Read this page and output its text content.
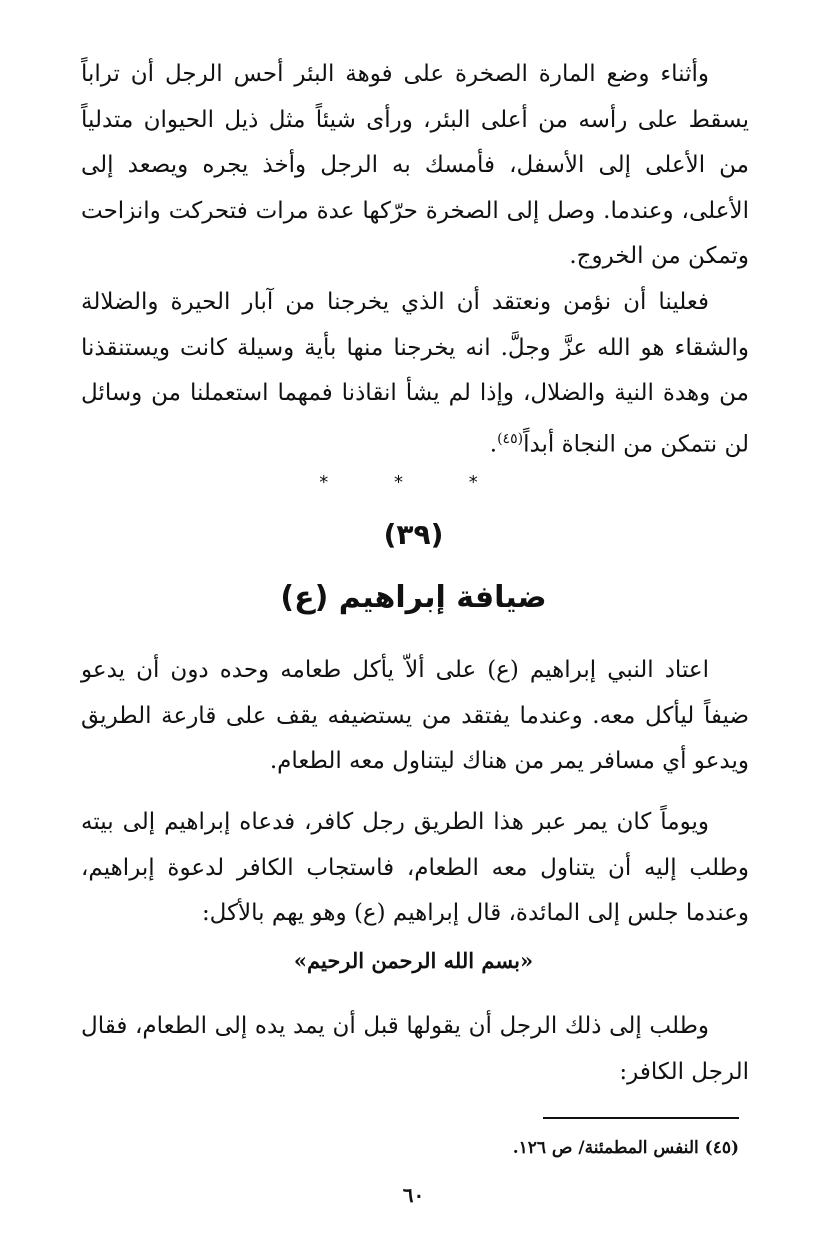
وأثناء وضع المارة الصخرة على فوهة البئر أحس الرجل أن تراباً يسقط على رأسه من أعلى البئر، ورأى شيئاً مثل ذيل الحيوان متدلياً من الأعلى إلى الأسفل، فأمسك به الرجل وأخذ يجره ويصعد إلى الأعلى، وعندما. وصل إلى الصخرة حرّكها عدة مرات فتحركت وانزاحت وتمكن من الخروج.

فعلينا أن نؤمن ونعتقد أن الذي يخرجنا من آبار الحيرة والضلالة والشقاء هو الله عزَّ وجلَّ. انه يخرجنا منها بأية وسيلة كانت ويستنقذنا من وهدة النية والضلال، وإذا لم يشأ انقاذنا فمهما استعملنا من وسائل لن نتمكن من النجاة أبداً$^{(٤٥)}$.

* * *
(٣٩)
ضيافة إبراهيم (ع)

اعتاد النبي إبراهيم (ع) على ألاّ يأكل طعامه وحده دون أن يدعو ضيفاً ليأكل معه. وعندما يفتقد من يستضيفه يقف على قارعة الطريق ويدعو أي مسافر يمر من هناك ليتناول معه الطعام.

ويوماً كان يمر عبر هذا الطريق رجل كافر، فدعاه إبراهيم إلى بيته وطلب إليه أن يتناول معه الطعام، فاستجاب الكافر لدعوة إبراهيم، وعندما جلس إلى المائدة، قال إبراهيم (ع) وهو يهم بالأكل:

«بسم الله الرحمن الرحيم»

وطلب إلى ذلك الرجل أن يقولها قبل أن يمد يده إلى الطعام، فقال الرجل الكافر:

(٤٥) النفس المطمئنة/ ص ١٢٦.
٦٠
